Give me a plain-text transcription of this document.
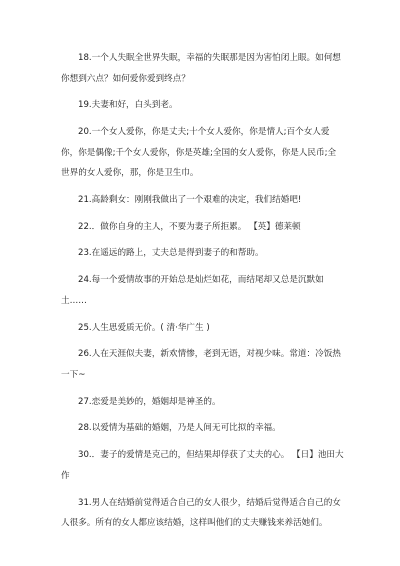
18.一个人失眠全世界失眠，幸福的失眠那是因为害怕闭上眼。如何想你想到六点？如何爱你爱到终点？

19.夫妻和好，白头到老。

20.一个女人爱你，你是丈夫;十个女人爱你，你是情人;百个女人爱你，你是偶像;千个女人爱你，你是英雄;全国的女人爱你，你是人民币;全世界的女人爱你，那，你是卫生巾。

21.高龄剩女：刚刚我做出了一个艰难的决定，我们结婚吧!

22.．做你自身的主人，不要为妻子所拒累。 【英】德莱顿

23.在遥远的路上，丈夫总是得到妻子的和帮助。

24.每一个爱情故事的开始总是灿烂如花，而结尾却又总是沉默如土……

25.人生思爱质无价。( 清·华广生 )

26.人在天涯似夫妻，新欢情惨，老到无语，对视少味。常道：冷饭热一下~

27.恋爱是美妙的，婚姻却是神圣的。

28.以爱情为基础的婚姻，乃是人间无可比拟的幸福。

30.．妻子的爱情是克己的，但结果却俘获了丈夫的心。 【日】池田大作

31.男人在结婚前觉得适合自己的女人很少，结婚后觉得适合自己的女人很多。所有的女人都应该结婚，这样叫他们的丈夫赚钱来养活她们。
